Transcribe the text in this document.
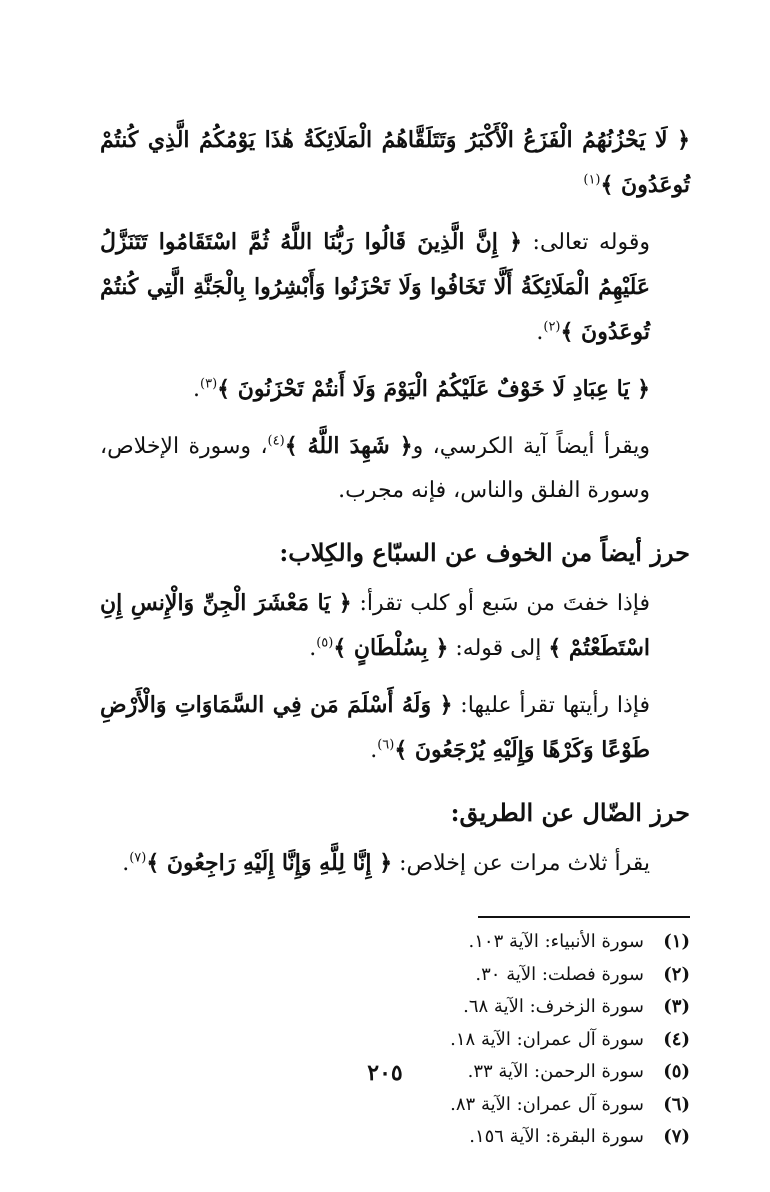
﴿ لَا يَحْزُنُهُمُ الْفَزَعُ الْأَكْبَرُ وَتَتَلَقَّاهُمُ الْمَلَائِكَةُ هَٰذَا يَوْمُكُمُ الَّذِي كُنتُمْ تُوعَدُونَ ﴾$^{(١)}$

وقوله تعالى: ﴿ إِنَّ الَّذِينَ قَالُوا رَبُّنَا اللَّهُ ثُمَّ اسْتَقَامُوا تَتَنَزَّلُ عَلَيْهِمُ الْمَلَائِكَةُ أَلَّا تَخَافُوا وَلَا تَحْزَنُوا وَأَبْشِرُوا بِالْجَنَّةِ الَّتِي كُنتُمْ تُوعَدُونَ ﴾$^{(٢)}$.

﴿ يَا عِبَادِ لَا خَوْفٌ عَلَيْكُمُ الْيَوْمَ وَلَا أَنتُمْ تَحْزَنُونَ ﴾$^{(٣)}$.

ويقرأ أيضاً آية الكرسي، و﴿ شَهِدَ اللَّهُ ﴾$^{(٤)}$، وسورة الإخلاص، وسورة الفلق والناس، فإنه مجرب.

حرز أيضاً من الخوف عن السبّاع والكِلاب:

فإذا خفتَ من سَبع أو كلب تقرأ: ﴿ يَا مَعْشَرَ الْجِنِّ وَالْإِنسِ إِنِ اسْتَطَعْتُمْ ﴾ إلى قوله: ﴿ بِسُلْطَانٍ ﴾$^{(٥)}$.

فإذا رأيتها تقرأ عليها: ﴿ وَلَهُ أَسْلَمَ مَن فِي السَّمَاوَاتِ وَالْأَرْضِ طَوْعًا وَكَرْهًا وَإِلَيْهِ يُرْجَعُونَ ﴾$^{(٦)}$.

حرز الضّال عن الطريق:

يقرأ ثلاث مرات عن إخلاص: ﴿ إِنَّا لِلَّهِ وَإِنَّا إِلَيْهِ رَاجِعُونَ ﴾$^{(٧)}$.

(١)
سورة الأنبياء: الآية ١٠٣.
(٢)
سورة فصلت: الآية ٣٠.
(٣)
سورة الزخرف: الآية ٦٨.
(٤)
سورة آل عمران: الآية ١٨.
(٥)
سورة الرحمن: الآية ٣٣.
(٦)
سورة آل عمران: الآية ٨٣.
(٧)
سورة البقرة: الآية ١٥٦.
٢٠٥
